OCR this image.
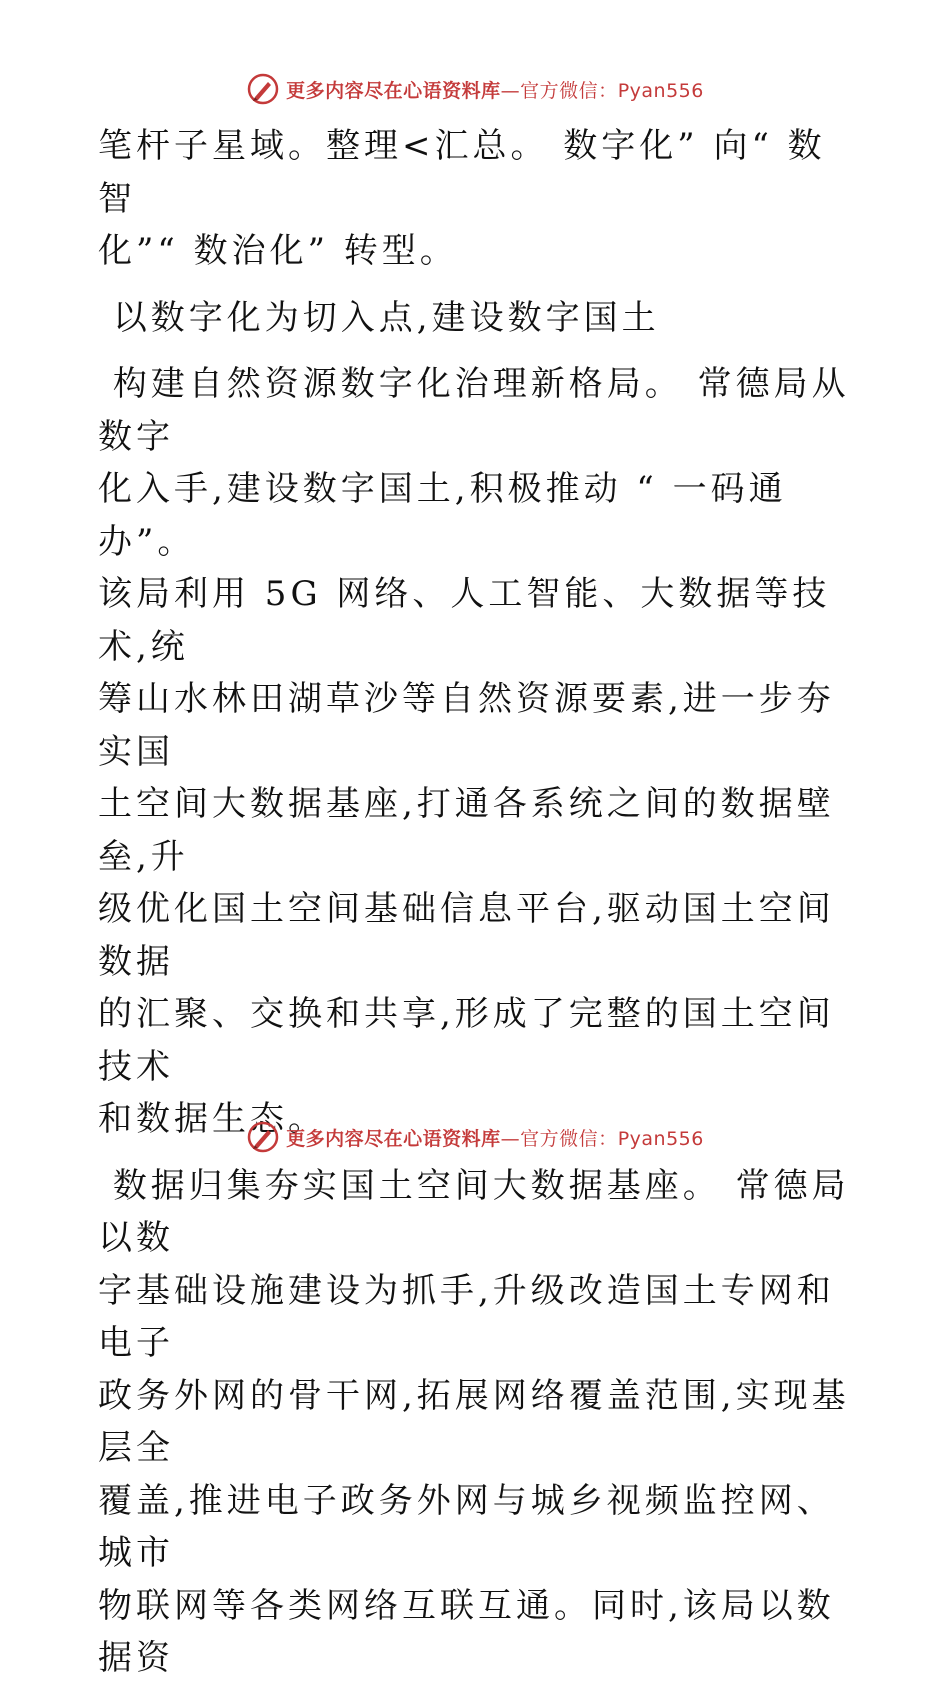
更多内容尽在心语资料库—官方微信：Pyan556

笔杆子星域。整理<汇总。 数字化” 向“ 数智

化”“ 数治化” 转型。

以数字化为切入点,建设数字国土

构建自然资源数字化治理新格局。 常德局从数字

化入手,建设数字国土,积极推动 “ 一码通办”。

该局利用 5G 网络、人工智能、大数据等技术,统

筹山水林田湖草沙等自然资源要素,进一步夯实国

土空间大数据基座,打通各系统之间的数据壁垒,升

级优化国土空间基础信息平台,驱动国土空间数据

的汇聚、交换和共享,形成了完整的国土空间技术

和数据生态。

数据归集夯实国土空间大数据基座。 常德局以数

字基础设施建设为抓手,升级改造国土专网和电子

政务外网的骨干网,拓展网络覆盖范围,实现基层全

覆盖,推进电子政务外网与城乡视频监控网、城市

物联网等各类网络互联互通。同时,该局以数据资

更多内容尽在心语资料库—官方微信：Pyan556
